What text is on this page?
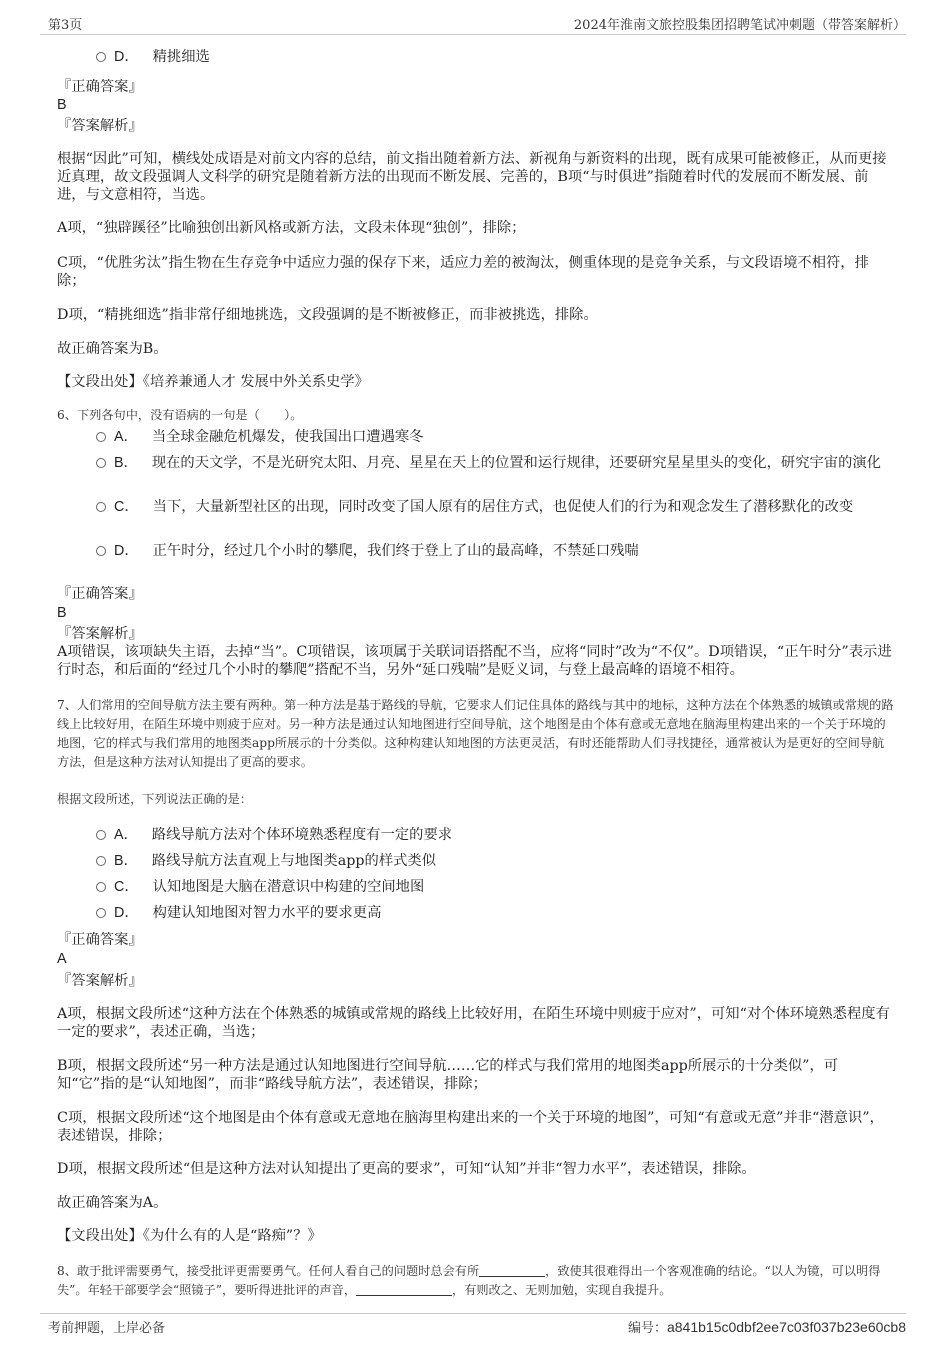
第3页	2024年淮南文旅控股集团招聘笔试冲刺题（带答案解析）
D． 精挑细选
『正确答案』
B
『答案解析』
根据“因此”可知，横线处成语是对前文内容的总结，前文指出随着新方法、新视角与新资料的出现，既有成果可能被修正，从而更接近真理，故文段强调人文科学的研究是随着新方法的出现而不断发展、完善的，B项“与时俱进”指随着时代的发展而不断发展、前进，与文意相符，当选。
A项，“独辟蹊径”比喻独创出新风格或新方法，文段未体现“独创”，排除；
C项，“优胜劣汰”指生物在生存竞争中适应力强的保存下来，适应力差的被淘汰，侧重体现的是竞争关系，与文段语境不相符，排除；
D项，“精挑细选”指非常仔细地挑选，文段强调的是不断被修正，而非被挑选，排除。
故正确答案为B。
【文段出处】《培养兼通人才 发展中外关系史学》
6、下列各句中，没有语病的一句是（　　）。
A． 当全球金融危机爆发，使我国出口遭遇寒冬
B． 现在的天文学，不是光研究太阳、月亮、星星在天上的位置和运行规律，还要研究星星里头的变化，研究宇宙的演化
C． 当下，大量新型社区的出现，同时改变了国人原有的居住方式，也促使人们的行为和观念发生了潜移默化的改变
D． 正午时分，经过几个小时的攀爬，我们终于登上了山的最高峰，不禁延口残喘
『正确答案』
B
『答案解析』
A项错误，该项缺失主语，去掉“当”。C项错误，该项属于关联词语搭配不当，应将“同时”改为“不仅”。D项错误，“正午时分”表示进行时态，和后面的“经过几个小时的攀爬”搭配不当，另外“延口残喘”是贬义词，与登上最高峰的语境不相符。
7、人们常用的空间导航方法主要有两种。第一种方法是基于路线的导航，它要求人们记住具体的路线与其中的地标，这种方法在个体熟悉的城镇或常规的路线上比较好用，在陌生环境中则疲于应对。另一种方法是通过认知地图进行空间导航，这个地图是由个体有意或无意地在脑海里构建出来的一个关于环境的地图，它的样式与我们常用的地图类app所展示的十分类似。这种构建认知地图的方法更灵活，有时还能帮助人们寻找捷径，通常被认为是更好的空间导航方法，但是这种方法对认知提出了更高的要求。
根据文段所述，下列说法正确的是：
A． 路线导航方法对个体环境熟悉程度有一定的要求
B． 路线导航方法直观上与地图类app的样式类似
C． 认知地图是大脑在潜意识中构建的空间地图
D． 构建认知地图对智力水平的要求更高
『正确答案』
A
『答案解析』
A项，根据文段所述“这种方法在个体熟悉的城镇或常规的路线上比较好用，在陌生环境中则疲于应对”，可知“对个体环境熟悉程度有一定的要求”，表述正确，当选；
B项，根据文段所述“另一种方法是通过认知地图进行空间导航……它的样式与我们常用的地图类app所展示的十分类似”，可知“它”指的是“认知地图”，而非“路线导航方法”，表述错误，排除；
C项，根据文段所述“这个地图是由个体有意或无意地在脑海里构建出来的一个关于环境的地图”，可知“有意或无意”并非“潜意识”，表述错误，排除；
D项，根据文段所述“但是这种方法对认知提出了更高的要求”，可知“认知”并非“智力水平”，表述错误，排除。
故正确答案为A。
【文段出处】《为什么有的人是“路痴”？》
8、敢于批评需要勇气，接受批评更需要勇气。任何人看自己的问题时总会有所	，致使其很难得出一个客观准确的结论。“以人为镜，可以明得失”。年轻干部要学会“照镜子”，要听得进批评的声音，	，有则改之、无则加勉，实现自我提升。
考前押题，上岸必备	编号：a841b15c0dbf2ee7c03f037b23e60cb8
